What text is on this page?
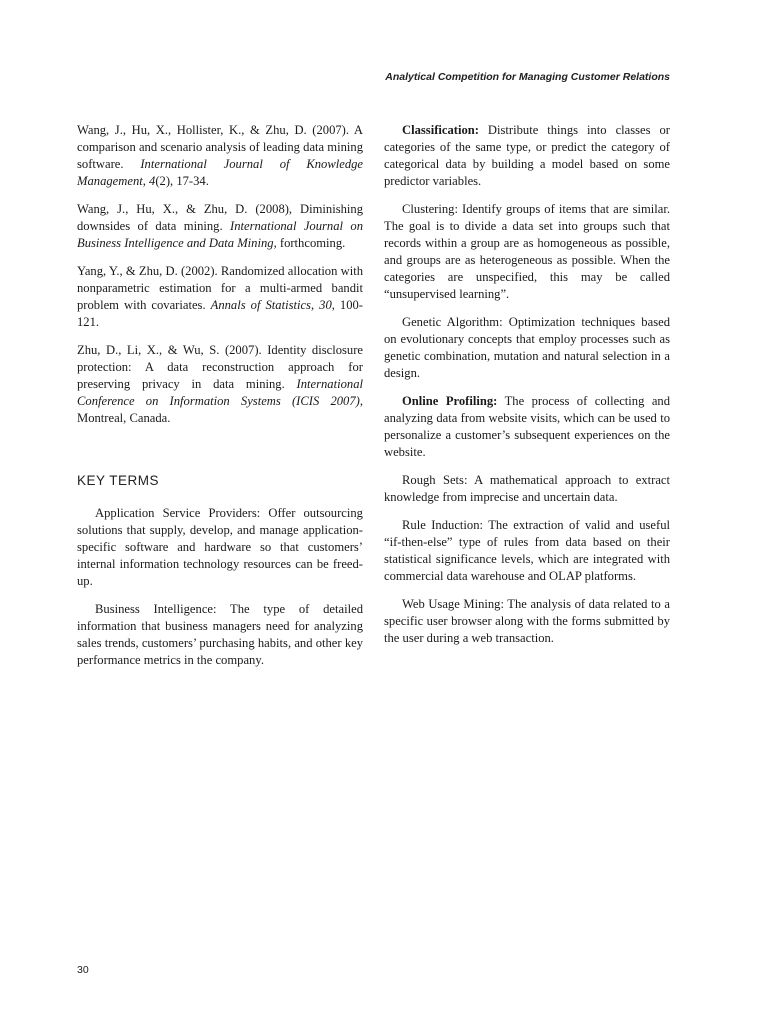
Analytical Competition for Managing Customer Relations

Wang, J., Hu, X., Hollister, K., & Zhu, D. (2007). A comparison and scenario analysis of leading data mining software. International Journal of Knowledge Management, 4(2), 17-34.

Wang, J., Hu, X., & Zhu, D. (2008), Diminishing downsides of data mining. International Journal on Business Intelligence and Data Mining, forthcoming.

Yang, Y., & Zhu, D. (2002). Randomized allocation with nonparametric estimation for a multi-armed bandit problem with covariates. Annals of Statistics, 30, 100-121.

Zhu, D., Li, X., & Wu, S. (2007). Identity disclosure protection: A data reconstruction approach for preserving privacy in data mining. International Conference on Information Systems (ICIS 2007), Montreal, Canada.

KEY TERMS

Application Service Providers: Offer outsourcing solutions that supply, develop, and manage application-specific software and hardware so that customers’ internal information technology resources can be freed-up.

Business Intelligence: The type of detailed information that business managers need for analyzing sales trends, customers’ purchasing habits, and other key performance metrics in the company.

Classification: Distribute things into classes or categories of the same type, or predict the category of categorical data by building a model based on some predictor variables.

Clustering: Identify groups of items that are similar. The goal is to divide a data set into groups such that records within a group are as homogeneous as possible, and groups are as heterogeneous as possible. When the categories are unspecified, this may be called “unsupervised learning”.

Genetic Algorithm: Optimization techniques based on evolutionary concepts that employ processes such as genetic combination, mutation and natural selection in a design.

Online Profiling: The process of collecting and analyzing data from website visits, which can be used to personalize a customer’s subsequent experiences on the website.

Rough Sets: A mathematical approach to extract knowledge from imprecise and uncertain data.

Rule Induction: The extraction of valid and useful “if-then-else” type of rules from data based on their statistical significance levels, which are integrated with commercial data warehouse and OLAP platforms.

Web Usage Mining: The analysis of data related to a specific user browser along with the forms submitted by the user during a web transaction.

30
